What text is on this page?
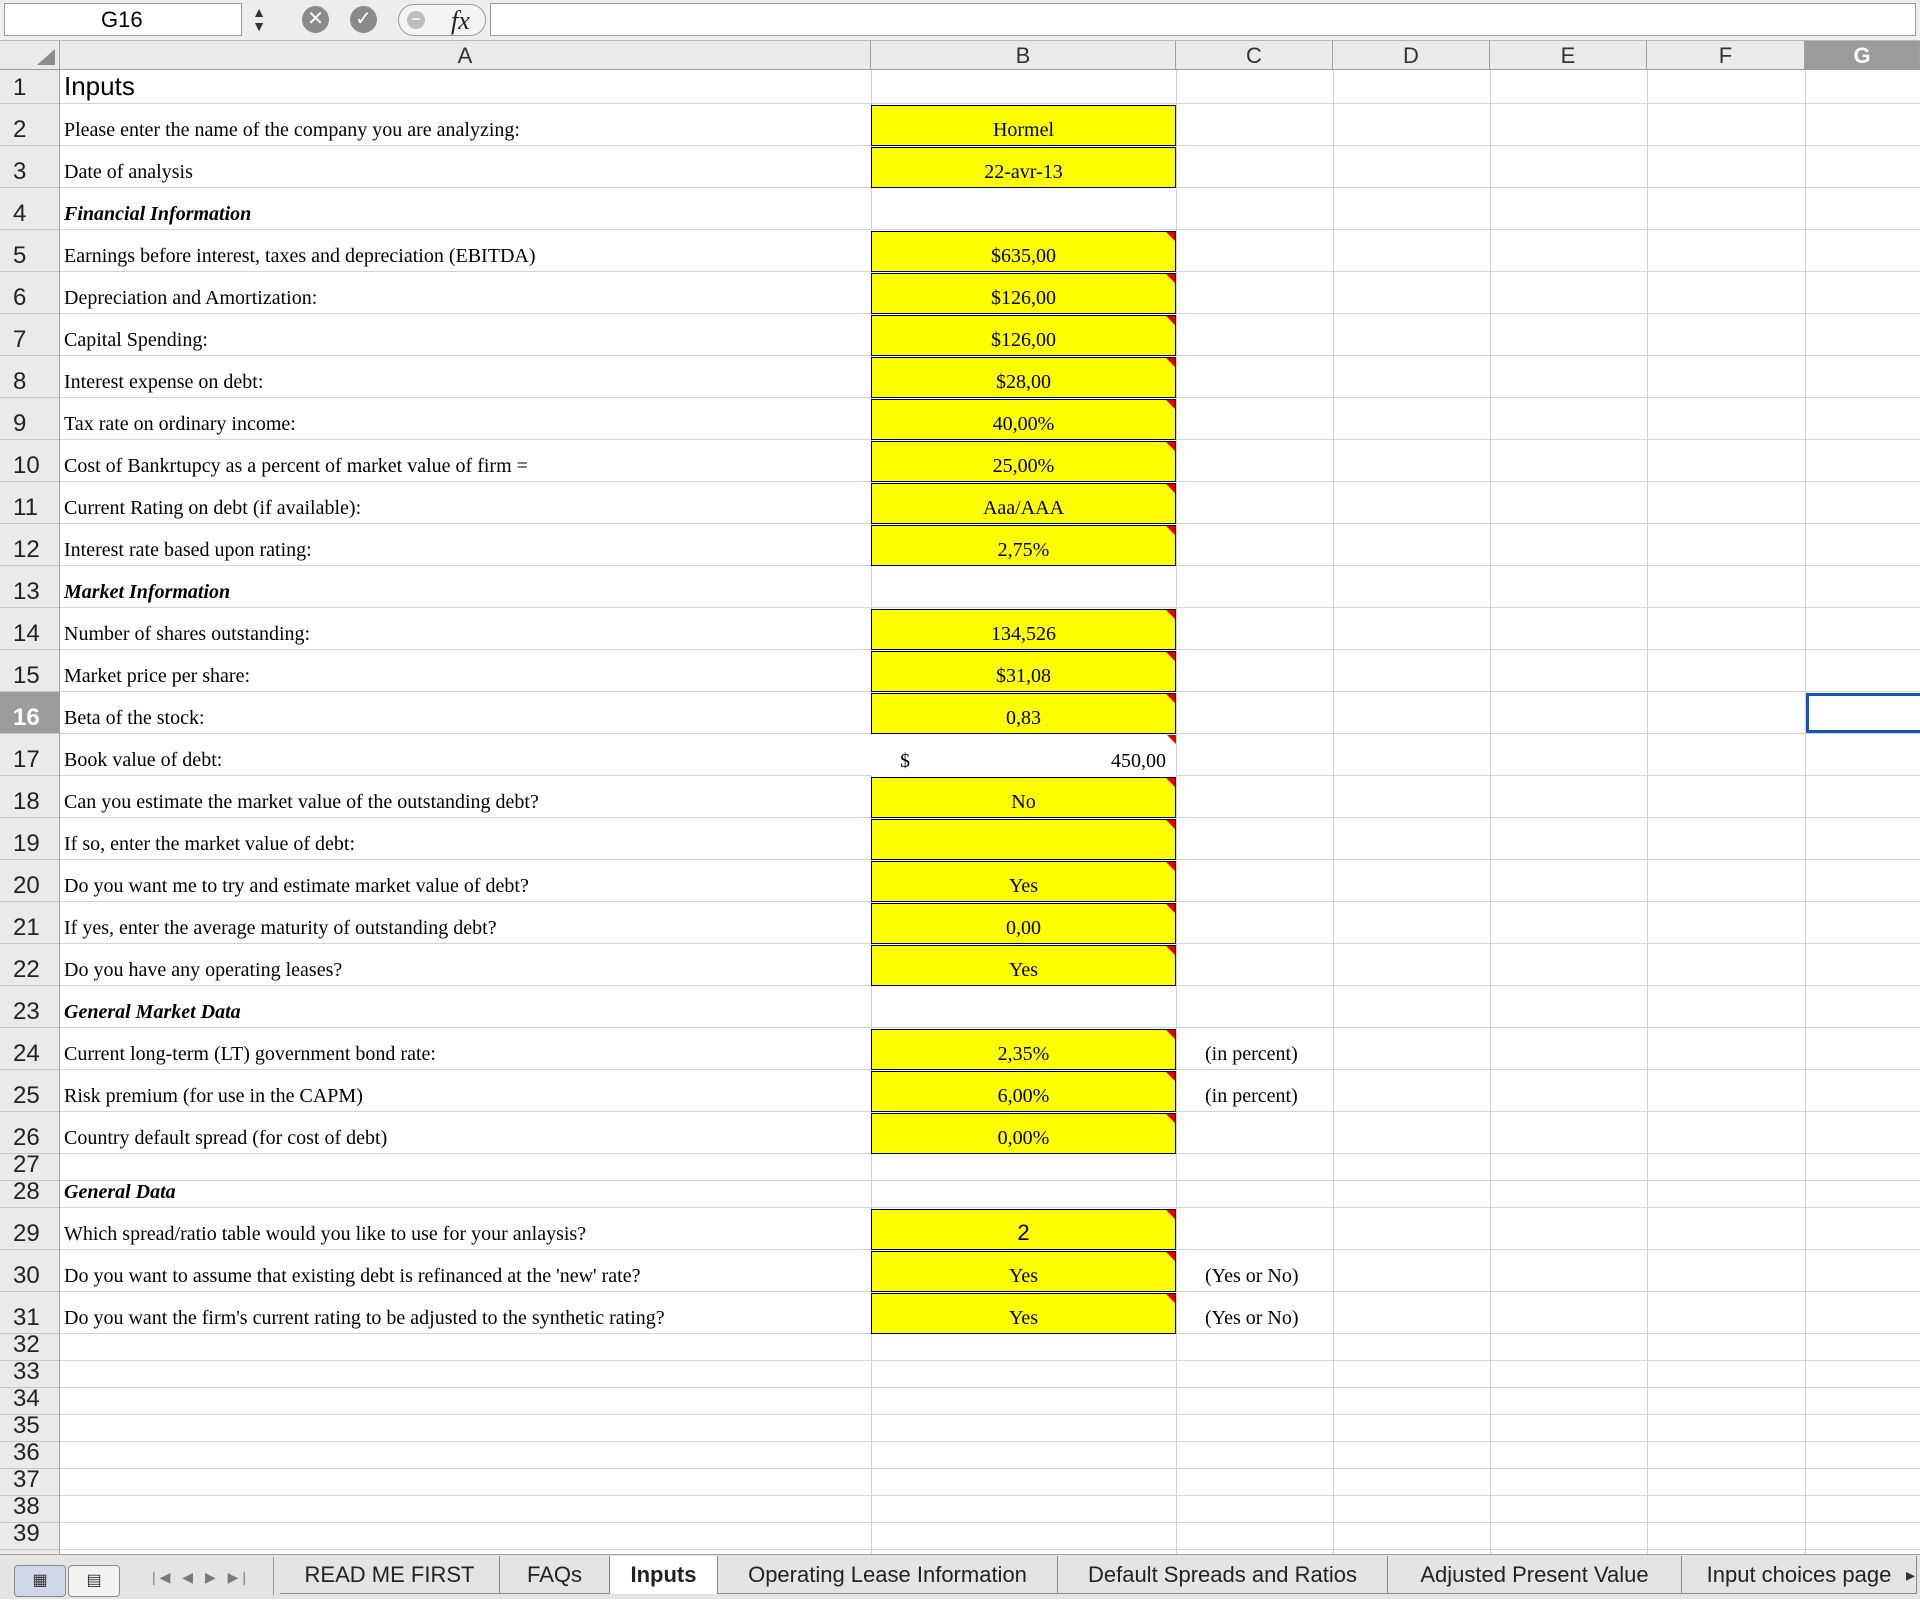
G16	▲
▼	✕ ✓ − fx
A	B	C	D	E	F	G
1
2
3
4
5
6
7
8
9
10
11
12
13
14
15
16
17
18
19
20
21
22
23
24
25
26
27
28
29
30
31
32
33
34
35
36
37
38
39
Inputs
Please enter the name of the company you are analyzing:	Hormel
Date of analysis	22-avr-13
Financial Information
Earnings before interest, taxes and depreciation (EBITDA)	$635,00
Depreciation and Amortization:	$126,00
Capital Spending:	$126,00
Interest expense on debt:	$28,00
Tax rate on ordinary income:	40,00%
Cost of Bankrtupcy as a percent of market value of firm =	25,00%
Current Rating on debt (if available):	Aaa/AAA
Interest rate based upon rating:	2,75%
Market Information
Number of shares outstanding:	134,526
Market price per share:	$31,08
Beta of the stock:	0,83
Book value of debt:	$	450,00
Can you estimate the market value of the outstanding debt?	No
If so, enter the market value of debt:
Do you want me to try and estimate market value of debt?	Yes
If yes, enter the average maturity of outstanding debt?	0,00
Do you have any operating leases?	Yes
General Market Data
Current long-term (LT) government bond rate:	2,35%	(in percent)
Risk premium (for use in the CAPM)	6,00%	(in percent)
Country default spread (for cost of debt)	0,00%
General Data
Which spread/ratio table would you like to use for your anlaysis?	2
Do you want to assume that existing debt is refinanced at the 'new' rate?	Yes	(Yes or No)
Do you want the firm's current rating to be adjusted to the synthetic rating?	Yes	(Yes or No)
▦	▤	|◀ ◀ ▶ ▶|	READ ME FIRST	FAQs	Inputs	Operating Lease Information	Default Spreads and Ratios	Adjusted Present Value	Input choices page ▸
